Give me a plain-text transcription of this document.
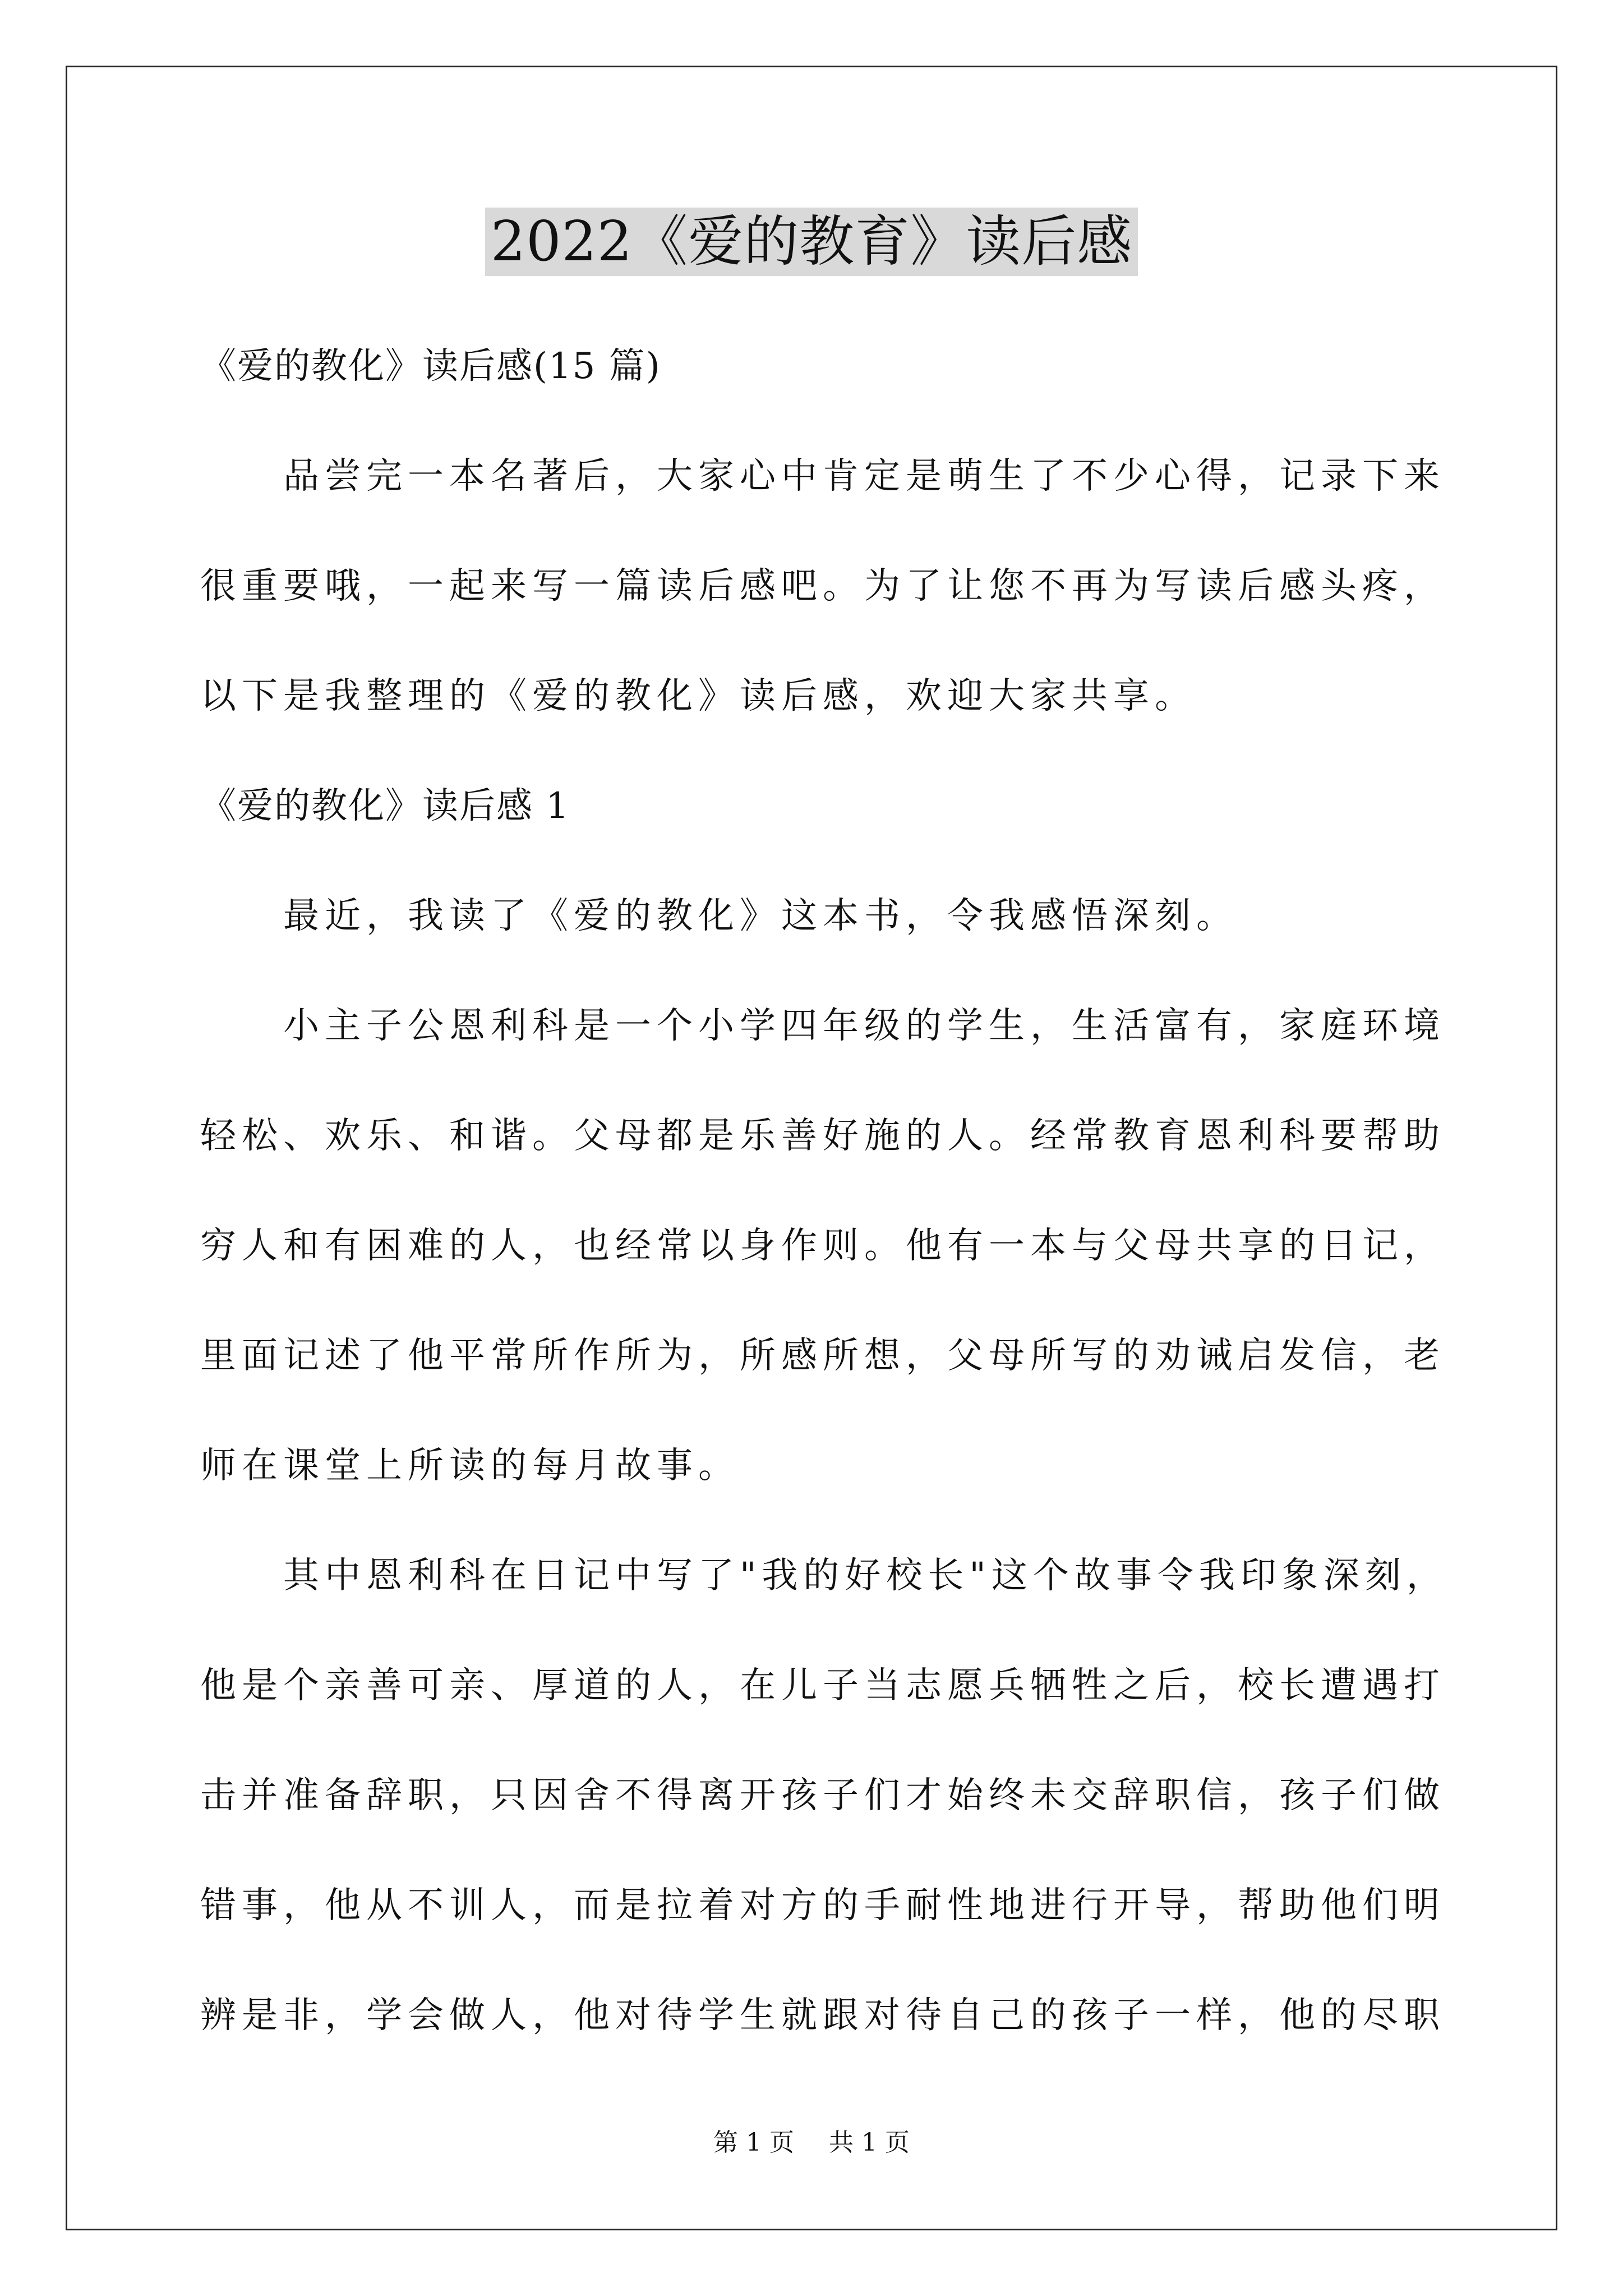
2022《爱的教育》读后感
《爱的教化》读后感(15 篇)
品尝完一本名著后，大家心中肯定是萌生了不少心得，记录下来
很重要哦，一起来写一篇读后感吧。为了让您不再为写读后感头疼，
以下是我整理的《爱的教化》读后感，欢迎大家共享。
《爱的教化》读后感 1
最近，我读了《爱的教化》这本书，令我感悟深刻。
小主子公恩利科是一个小学四年级的学生，生活富有，家庭环境
轻松、欢乐、和谐。父母都是乐善好施的人。经常教育恩利科要帮助
穷人和有困难的人，也经常以身作则。他有一本与父母共享的日记，
里面记述了他平常所作所为，所感所想，父母所写的劝诫启发信，老
师在课堂上所读的每月故事。
其中恩利科在日记中写了"我的好校长"这个故事令我印象深刻，
他是个亲善可亲、厚道的人，在儿子当志愿兵牺牲之后，校长遭遇打
击并准备辞职，只因舍不得离开孩子们才始终未交辞职信，孩子们做
错事，他从不训人，而是拉着对方的手耐性地进行开导，帮助他们明
辨是非，学会做人，他对待学生就跟对待自己的孩子一样，他的尽职
第 1 页 共 1 页
